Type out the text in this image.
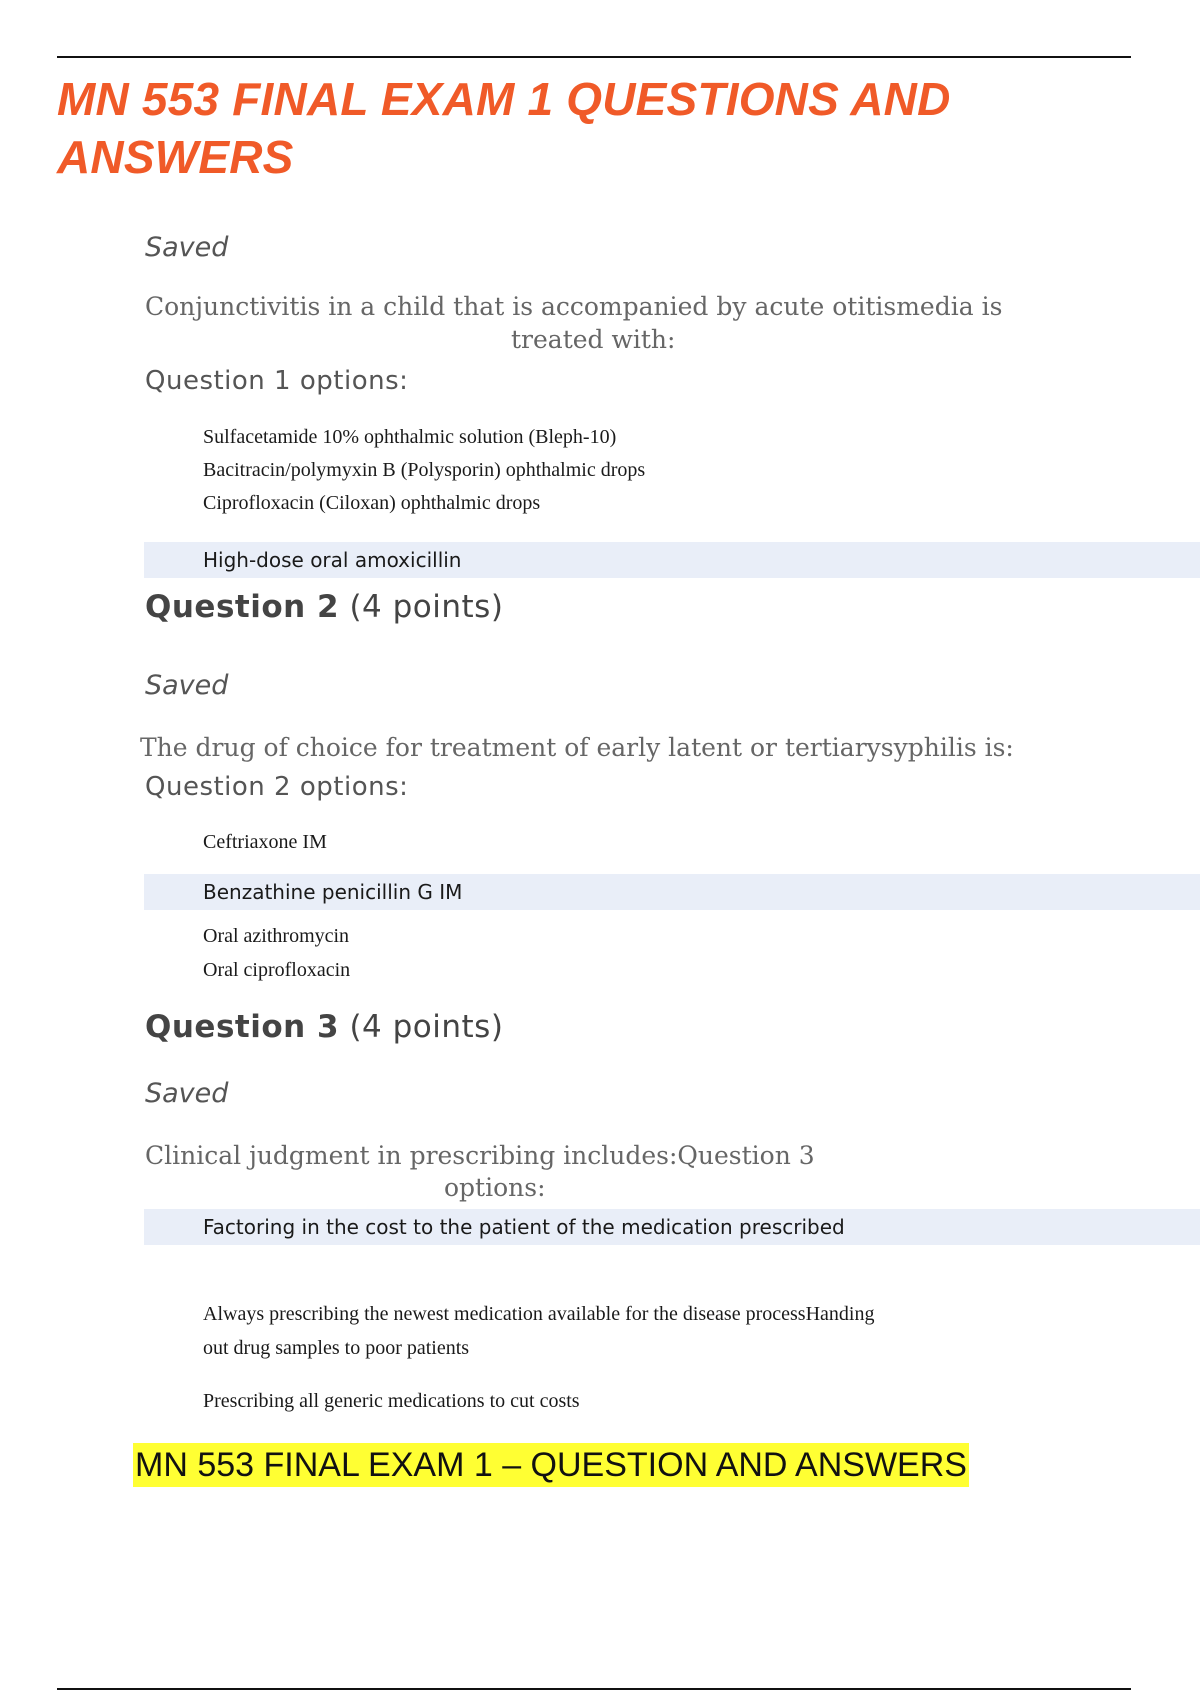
MN 553 FINAL EXAM 1 QUESTIONS AND ANSWERS

Saved

Conjunctivitis in a child that is accompanied by acute otitismedia is

treated with:

Question 1 options:

Sulfacetamide 10% ophthalmic solution (Bleph-10)

Bacitracin/polymyxin B (Polysporin) ophthalmic drops

Ciprofloxacin (Ciloxan) ophthalmic drops

High-dose oral amoxicillin

Question 2 (4 points)

Saved

The drug of choice for treatment of early latent or tertiarysyphilis is:

Question 2 options:

Ceftriaxone IM

Benzathine penicillin G IM

Oral azithromycin

Oral ciprofloxacin

Question 3 (4 points)

Saved

Clinical judgment in prescribing includes:Question 3

options:

Factoring in the cost to the patient of the medication prescribed

Always prescribing the newest medication available for the disease processHanding

out drug samples to poor patients

Prescribing all generic medications to cut costs

MN 553 FINAL EXAM 1 – QUESTION AND ANSWERS
